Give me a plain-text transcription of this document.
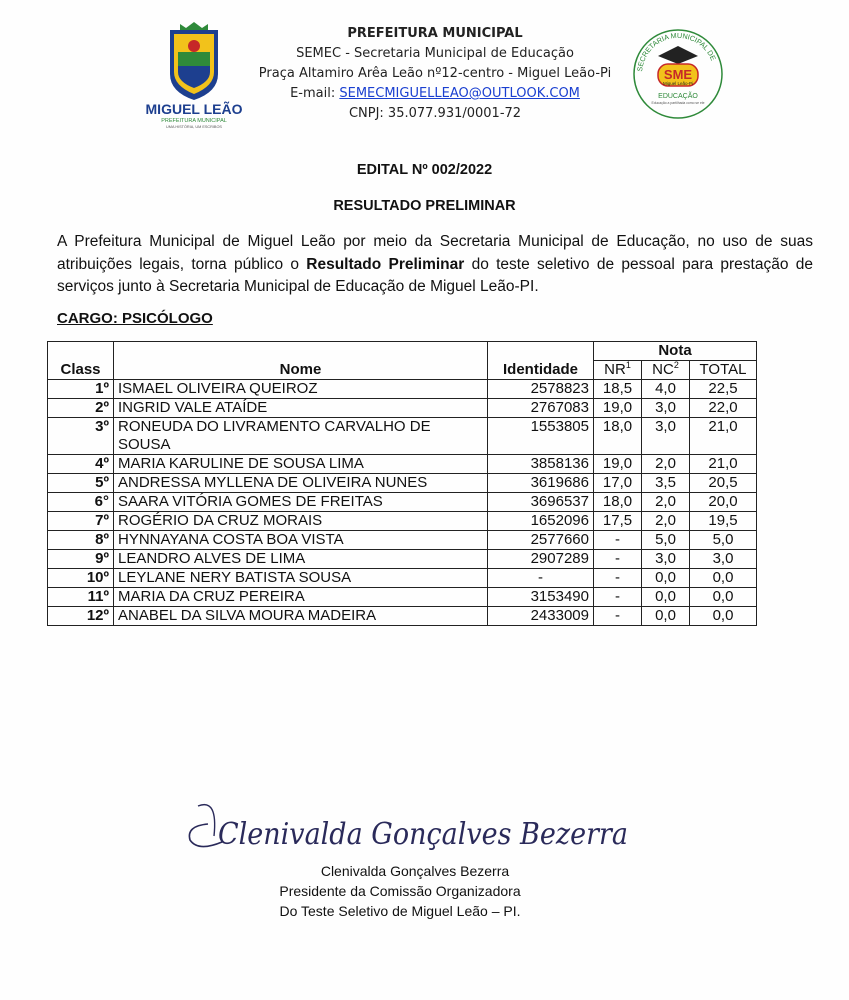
MIGUEL LEÃO
PREFEITURA MUNICIPAL
UMA HISTÓRIA, UM ESCRIBOS
PREFEITURA MUNICIPAL
SEMEC - Secretaria Municipal de Educação
Praça Altamiro Arêa Leão nº12-centro - Miguel Leão-Pi
E-mail: SEMECMIGUELLEAO@OUTLOOK.COM
CNPJ: 35.077.931/0001-72
SECRETARIA MUNICIPAL DE
SME
Miguel Leão-Pi
EDUCAÇÃO
Educação a partilhada como se ele
EDITAL Nº 002/2022
RESULTADO PRELIMINAR
A Prefeitura Municipal de Miguel Leão por meio da Secretaria Municipal de Educação, no uso de suas atribuições legais, torna público o Resultado Preliminar do teste seletivo de pessoal para prestação de serviços junto à Secretaria Municipal de Educação de Miguel Leão-PI.
CARGO: PSICÓLOGO
Class	Nome	Identidade	Nota		
			$NR^1$	$NC^2$	TOTAL
1º	ISMAEL OLIVEIRA QUEIROZ	2578823	18,5	4,0	22,5
2º	INGRID VALE ATAÍDE	2767083	19,0	3,0	22,0
3º	RONEUDA DO LIVRAMENTO CARVALHO DE SOUSA	1553805	18,0	3,0	21,0
4º	MARIA KARULINE DE SOUSA LIMA	3858136	19,0	2,0	21,0
5º	ANDRESSA MYLLENA DE OLIVEIRA NUNES	3619686	17,0	3,5	20,5
6°	SAARA VITÓRIA GOMES DE FREITAS	3696537	18,0	2,0	20,0
7º	ROGÉRIO DA CRUZ MORAIS	1652096	17,5	2,0	19,5
8º	HYNNAYANA COSTA BOA VISTA	2577660	-	5,0	5,0
9º	LEANDRO ALVES DE LIMA	2907289	-	3,0	3,0
10º	LEYLANE NERY BATISTA SOUSA	-	-	0,0	0,0
11º	MARIA DA CRUZ PEREIRA	3153490	-	0,0	0,0
12º	ANABEL DA SILVA MOURA MADEIRA	2433009	-	0,0	0,0
Clenivalda Gonçalves Bezerra
Clenivalda Gonçalves Bezerra
Presidente da Comissão Organizadora
Do Teste Seletivo de Miguel Leão – PI.
